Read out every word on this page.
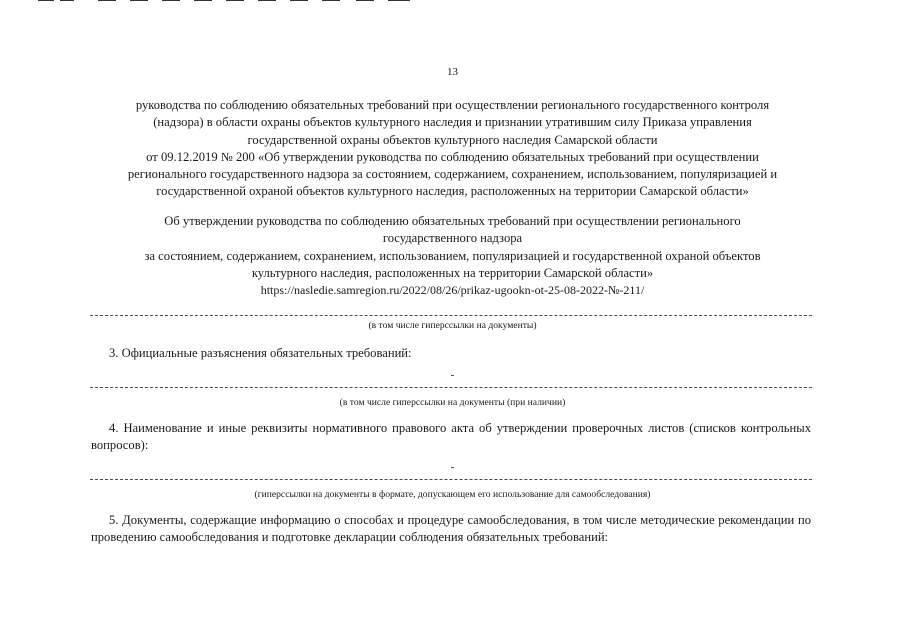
13
руководства по соблюдению обязательных требований при осуществлении регионального государственного контроля
(надзора) в области охраны объектов культурного наследия и признании утратившим силу Приказа управления
государственной охраны объектов культурного наследия Самарской области
от 09.12.2019 № 200 «Об утверждении руководства по соблюдению обязательных требований при осуществлении
регионального государственного надзора за состоянием, содержанием, сохранением, использованием, популяризацией и
государственной охраной объектов культурного наследия, расположенных на территории Самарской области»
Об утверждении руководства по соблюдению обязательных требований при осуществлении регионального
государственного надзора
за состоянием, содержанием, сохранением, использованием, популяризацией и государственной охраной объектов
культурного наследия, расположенных на территории Самарской области»
https://nasledie.samregion.ru/2022/08/26/prikaz-ugookn-ot-25-08-2022-№-211/
(в том числе гиперссылки на документы)
3. Официальные разъяснения обязательных требований:
-
(в том числе гиперссылки на документы (при наличии)
4. Наименование и иные реквизиты нормативного правового акта об утверждении проверочных листов (списков контрольных вопросов):
-
(гиперссылки на документы в формате, допускающем его использование для самообследования)
5. Документы, содержащие информацию о способах и процедуре самообследования, в том числе методические рекомендации по проведению самообследования и подготовке декларации соблюдения обязательных требований:
